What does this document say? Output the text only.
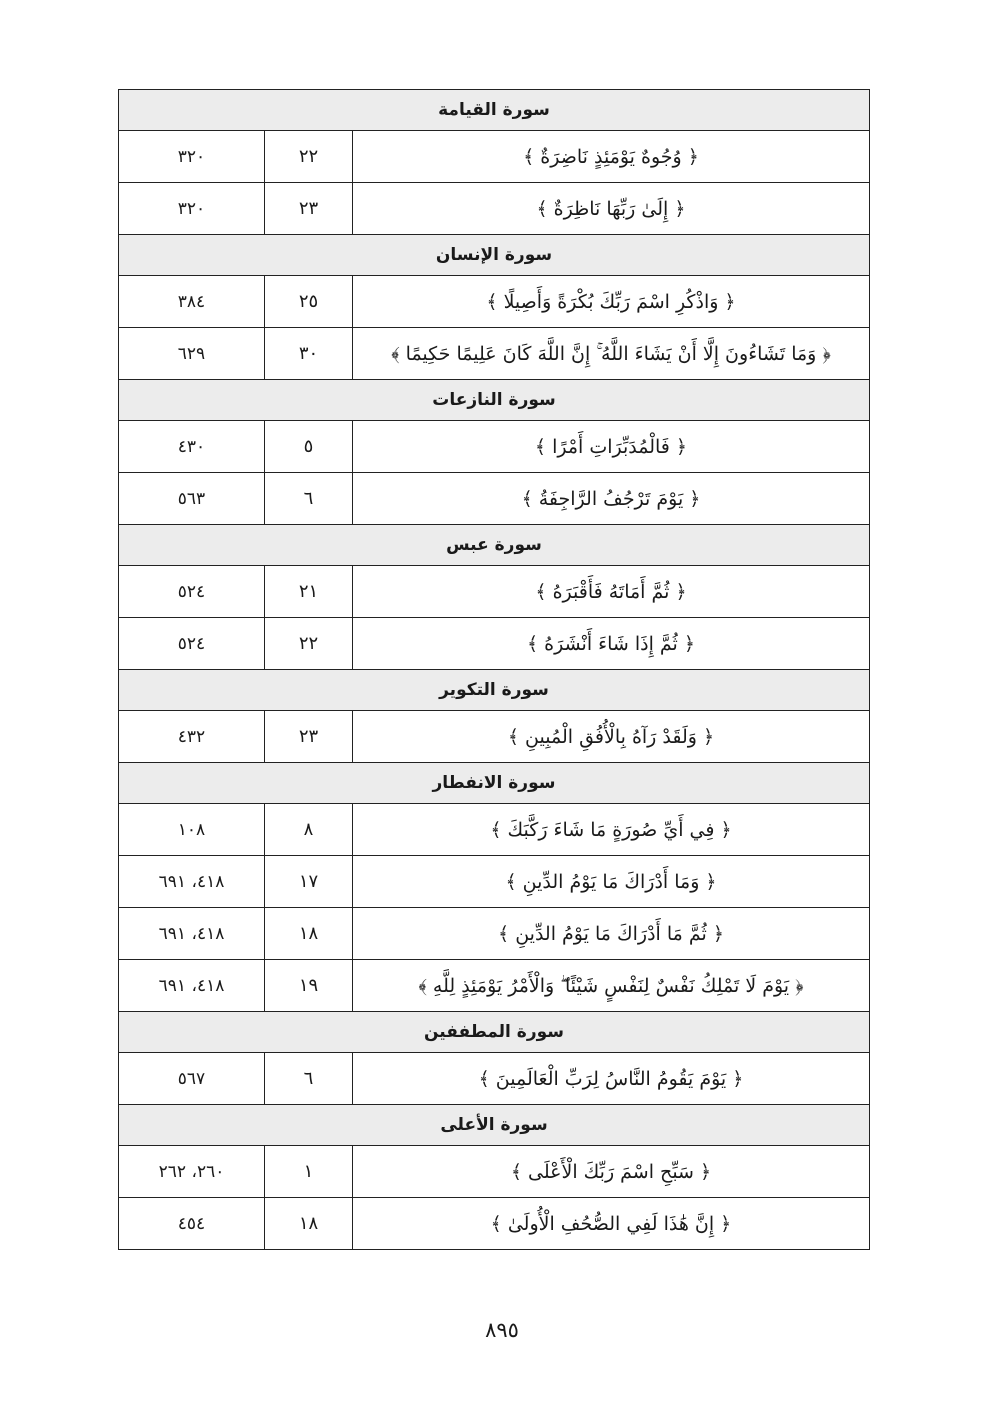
سورة القيامة		
﴿ وُجُوهٌ يَوْمَئِذٍ نَاضِرَةٌ ﴾	٢٢	٣٢٠
﴿ إِلَىٰ رَبِّهَا نَاظِرَةٌ ﴾	٢٣	٣٢٠
سورة الإنسان		
﴿ وَاذْكُرِ اسْمَ رَبِّكَ بُكْرَةً وَأَصِيلًا ﴾	٢٥	٣٨٤
﴿ وَمَا تَشَاءُونَ إِلَّا أَنْ يَشَاءَ اللَّهُ ۚ إِنَّ اللَّهَ كَانَ عَلِيمًا حَكِيمًا ﴾	٣٠	٦٢٩
سورة النازعات		
﴿ فَالْمُدَبِّرَاتِ أَمْرًا ﴾	٥	٤٣٠
﴿ يَوْمَ تَرْجُفُ الرَّاجِفَةُ ﴾	٦	٥٦٣
سورة عبس		
﴿ ثُمَّ أَمَاتَهُ فَأَقْبَرَهُ ﴾	٢١	٥٢٤
﴿ ثُمَّ إِذَا شَاءَ أَنْشَرَهُ ﴾	٢٢	٥٢٤
سورة التكوير		
﴿ وَلَقَدْ رَآهُ بِالْأُفُقِ الْمُبِينِ ﴾	٢٣	٤٣٢
سورة الانفطار		
﴿ فِي أَيِّ صُورَةٍ مَا شَاءَ رَكَّبَكَ ﴾	٨	١٠٨
﴿ وَمَا أَدْرَاكَ مَا يَوْمُ الدِّينِ ﴾	١٧	٤١٨، ٦٩١
﴿ ثُمَّ مَا أَدْرَاكَ مَا يَوْمُ الدِّينِ ﴾	١٨	٤١٨، ٦٩١
﴿ يَوْمَ لَا تَمْلِكُ نَفْسٌ لِنَفْسٍ شَيْئًا ۖ وَالْأَمْرُ يَوْمَئِذٍ لِلَّهِ ﴾	١٩	٤١٨، ٦٩١
سورة المطففين		
﴿ يَوْمَ يَقُومُ النَّاسُ لِرَبِّ الْعَالَمِينَ ﴾	٦	٥٦٧
سورة الأعلى		
﴿ سَبِّحِ اسْمَ رَبِّكَ الْأَعْلَى ﴾	١	٢٦٠، ٢٦٢
﴿ إِنَّ هَٰذَا لَفِي الصُّحُفِ الْأُولَىٰ ﴾	١٨	٤٥٤
٨٩٥
